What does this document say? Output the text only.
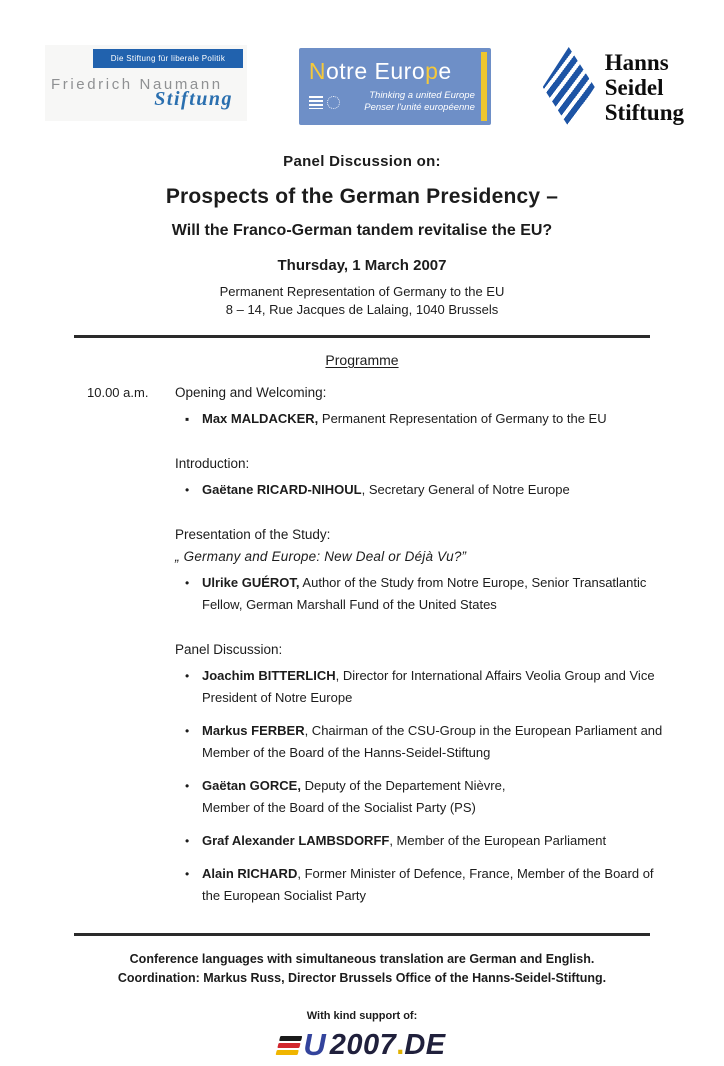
Die Stiftung für liberale Politik
Friedrich Naumann
Stiftung
Notre Europe
Thinking a united Europe
Penser l'unité européenne
Hanns
Seidel
Stiftung
Panel Discussion on:
Prospects of the German Presidency –
Will the Franco-German tandem revitalise the EU?
Thursday, 1 March 2007
Permanent Representation of Germany to the EU
8 – 14, Rue Jacques de Lalaing, 1040 Brussels
Programme
10.00 a.m.	Opening and Welcoming:
▪ Max MALDACKER, Permanent Representation of Germany to the EU
Introduction:
• Gaëtane RICARD-NIHOUL, Secretary General of Notre Europe
Presentation of the Study:
„ Germany and Europe: New Deal or Déjà Vu?”
• Ulrike GUÉROT, Author of the Study from Notre Europe, Senior Transatlantic Fellow, German Marshall Fund of the United States
Panel Discussion:
• Joachim BITTERLICH, Director for International Affairs Veolia Group and Vice President of Notre Europe
• Markus FERBER, Chairman of the CSU-Group in the European Parliament and Member of the Board of the Hanns-Seidel-Stiftung
• Gaëtan GORCE, Deputy of the Departement Nièvre,
Member of the Board of the Socialist Party (PS)
• Graf Alexander LAMBSDORFF, Member of the European Parliament
• Alain RICHARD, Former Minister of Defence, France, Member of the Board of the European Socialist Party
Conference languages with simultaneous translation are German and English.
Coordination: Markus Russ, Director Brussels Office of the Hanns-Seidel-Stiftung.
With kind support of:
U 2007 . DE
